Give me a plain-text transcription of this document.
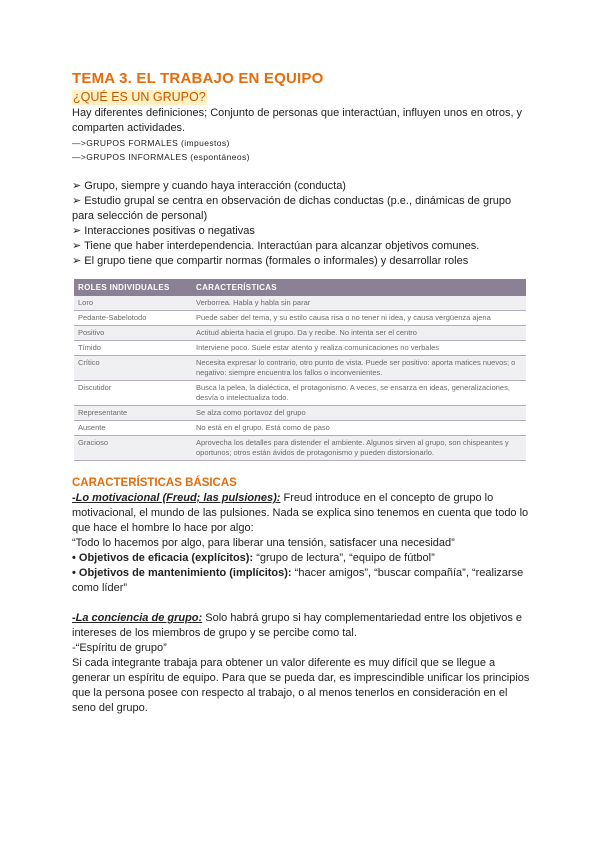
TEMA 3. EL TRABAJO EN EQUIPO
¿QUÉ ES UN GRUPO?

Hay diferentes definiciones; Conjunto de personas que interactúan, influyen unos en otros, y comparten actividades.

—>GRUPOS FORMALES (impuestos)

—>GRUPOS INFORMALES (espontáneos)

➢ Grupo, siempre y cuando haya interacción (conducta)

➢ Estudio grupal se centra en observación de dichas conductas (p.e., dinámicas de grupo para selección de personal)

➢ Interacciones positivas o negativas

➢ Tiene que haber interdependencia. Interactúan para alcanzar objetivos comunes.

➢ El grupo tiene que compartir normas (formales o informales) y desarrollar roles

ROLES INDIVIDUALES	CARACTERÍSTICAS
Loro	Verborrea. Habla y habla sin parar
Pedante-Sabelotodo	Puede saber del tema, y su estilo causa risa o no tener ni idea, y causa vergüenza ajena
Positivo	Actitud abierta hacia el grupo. Da y recibe. No intenta ser el centro
Tímido	Interviene poco. Suele estar atento y realiza comunicaciones no verbales
Crítico	Necesita expresar lo contrario, otro punto de vista. Puede ser positivo: aporta matices nuevos; o negativo: siempre encuentra los fallos o inconvenientes.
Discutidor	Busca la pelea, la dialéctica, el protagonismo. A veces, se ensarza en ideas, generalizaciones, desvía o intelectualiza todo.
Representante	Se alza como portavoz del grupo
Ausente	No está en el grupo. Está como de paso
Gracioso	Aprovecha los detalles para distender el ambiente. Algunos sirven al grupo, son chispeantes y oportunos; otros están ávidos de protagonismo y pueden distorsionarlo.
CARACTERÍSTICAS BÁSICAS

-Lo motivacional (Freud; las pulsiones): Freud introduce en el concepto de grupo lo motivacional, el mundo de las pulsiones. Nada se explica sino tenemos en cuenta que todo lo que hace el hombre lo hace por algo:

“Todo lo hacemos por algo, para liberar una tensión, satisfacer una necesidad”

• Objetivos de eficacia (explícitos): “grupo de lectura”, “equipo de fútbol”

• Objetivos de mantenimiento (implícitos): “hacer amigos”, “buscar compañía”, “realizarse como líder”

-La conciencia de grupo: Solo habrá grupo si hay complementariedad entre los objetivos e intereses de los miembros de grupo y se percibe como tal.

-“Espíritu de grupo”

Si cada integrante trabaja para obtener un valor diferente es muy difícil que se llegue a generar un espíritu de equipo. Para que se pueda dar, es imprescindible unificar los principios que la persona posee con respecto al trabajo, o al menos tenerlos en consideración en el seno del grupo.
